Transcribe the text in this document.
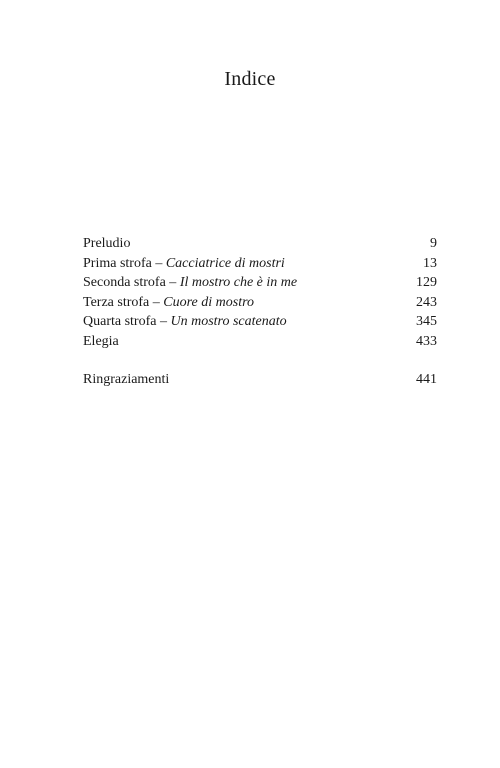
Indice
Preludio	9
Prima strofa – Cacciatrice di mostri	13
Seconda strofa – Il mostro che è in me	129
Terza strofa – Cuore di mostro	243
Quarta strofa – Un mostro scatenato	345
Elegia	433
Ringraziamenti	441
